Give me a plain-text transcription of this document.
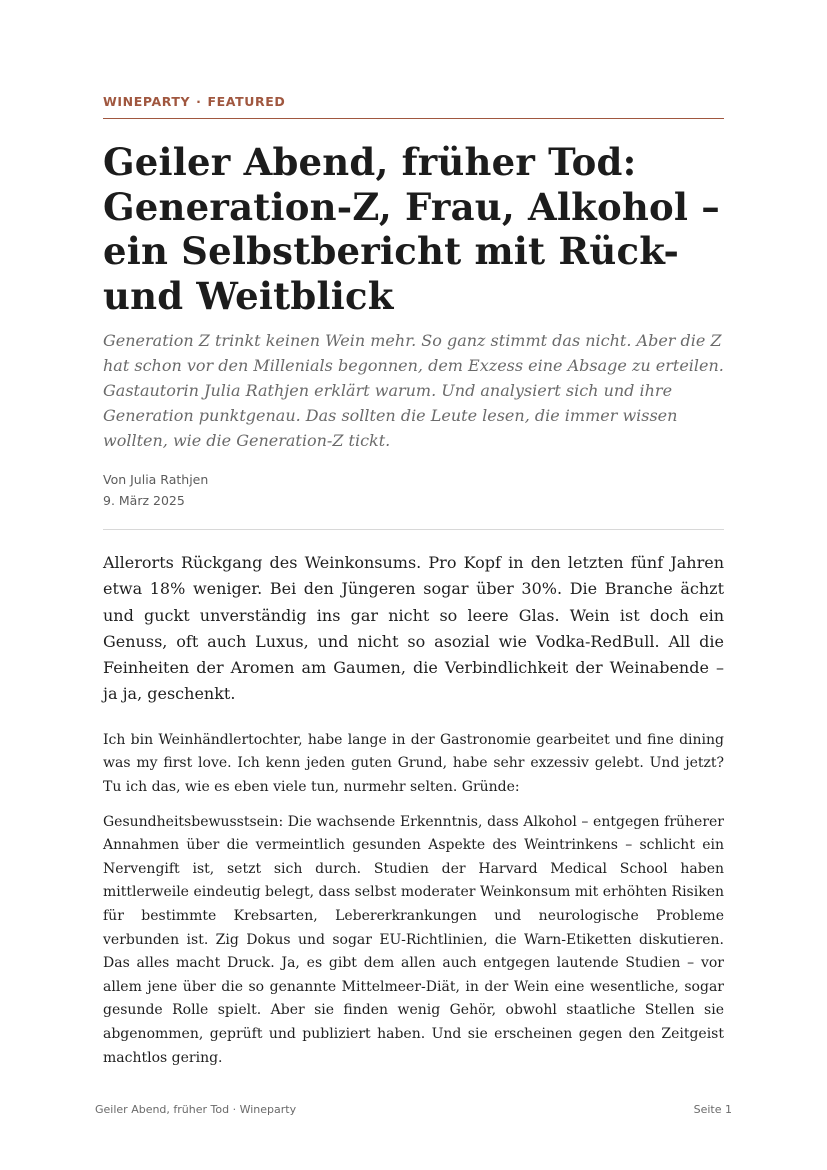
WINEPARTY · FEATURED

Geiler Abend, früher Tod: Generation-Z, Frau, Alkohol – ein Selbstbericht mit Rück- und Weitblick

Generation Z trinkt keinen Wein mehr. So ganz stimmt das nicht. Aber die Z hat schon vor den Millenials begonnen, dem Exzess eine Absage zu erteilen. Gastautorin Julia Rathjen erklärt warum. Und analysiert sich und ihre Generation punktgenau. Das sollten die Leute lesen, die immer wissen wollten, wie die Generation-Z tickt.

Von Julia Rathjen
9. März 2025

Allerorts Rückgang des Weinkonsums. Pro Kopf in den letzten fünf Jahren etwa 18% weniger. Bei den Jüngeren sogar über 30%. Die Branche ächzt und guckt unverständig ins gar nicht so leere Glas. Wein ist doch ein Genuss, oft auch Luxus, und nicht so asozial wie Vodka-RedBull. All die Feinheiten der Aromen am Gaumen, die Verbindlichkeit der Weinabende – ja ja, geschenkt.

Ich bin Weinhändlertochter, habe lange in der Gastronomie gearbeitet und fine dining was my first love. Ich kenn jeden guten Grund, habe sehr exzessiv gelebt. Und jetzt? Tu ich das, wie es eben viele tun, nurmehr selten. Gründe:

Gesundheitsbewusstsein: Die wachsende Erkenntnis, dass Alkohol – entgegen früherer Annahmen über die vermeintlich gesunden Aspekte des Weintrinkens – schlicht ein Nervengift ist, setzt sich durch. Studien der Harvard Medical School haben mittlerweile eindeutig belegt, dass selbst moderater Weinkonsum mit erhöhten Risiken für bestimmte Krebsarten, Lebererkrankungen und neurologische Probleme verbunden ist. Zig Dokus und sogar EU-Richtlinien, die Warn-Etiketten diskutieren. Das alles macht Druck. Ja, es gibt dem allen auch entgegen lautende Studien – vor allem jene über die so genannte Mittelmeer-Diät, in der Wein eine wesentliche, sogar gesunde Rolle spielt. Aber sie finden wenig Gehör, obwohl staatliche Stellen sie abgenommen, geprüft und publiziert haben. Und sie erscheinen gegen den Zeitgeist machtlos gering.

Geiler Abend, früher Tod · Wineparty	Seite 1
